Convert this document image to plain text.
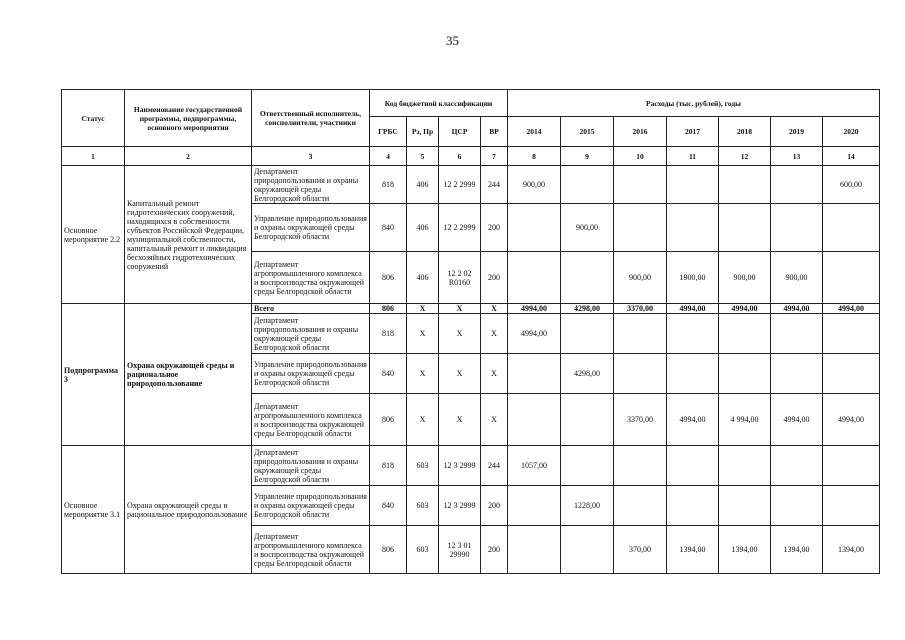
35
Статус	Наименование государственной программы, подпрограммы, основного мероприятия	Ответственный исполнитель, соисполнители, участники	Код бюджетной классификации				Расходы (тыс. рублей), годы						
			ГРБС	Рз, Пр	ЦСР	ВР	2014	2015	2016	2017	2018	2019	2020
1	2	3	4	5	6	7	8	9	10	11	12	13	14
Основное мероприятие 2.2	Капитальный ремонт гидротехнических сооружений, находящихся в собственности субъектов Российской Федерации, муниципальной собственности, капитальный ремонт и ликвидация бесхозяйных гидротехнических сооружений	Департамент природопользования и охраны окружающей среды Белгородской области	818	406	12 2 2999	244	900,00						600,00
		Управление природопользования и охраны окружающей среды Белгородской области	840	406	12 2 2999	200		900,00					
		Департамент агропромышленного комплекса и воспроизводства окружающей среды Белгородской области	806	406	12 2 02 R0160	200			900,00	1900,00	900,00	900,00	
Подпрограмма 3	Охрана окружающей среды и рациональное природопользование	Всего	806	Х	Х	Х	4994,00	4298,00	3370,00	4994,00	4994,00	4994,00	4994,00
		Департамент природопользования и охраны окружающей среды Белгородской области	818	Х	Х	Х	4994,00						
		Управление природопользования и охраны окружающей среды Белгородской области	840	Х	Х	Х		4298,00					
		Департамент агропромышленного комплекса и воспроизводства окружающей среды Белгородской области	806	Х	Х	Х			3370,00	4994,00	4 994,00	4994,00	4994,00
Основное мероприятие 3.1	Охрана окружающей среды и рациональное природопользование	Департамент природопользования и охраны окружающей среды Белгородской области	818	603	12 3 2999	244	1057,00						
		Управление природопользования и охраны окружающей среды Белгородской области	840	603	12 3 2999	200		1228,00					
		Департамент агропромышленного комплекса и воспроизводства окружающей среды Белгородской области	806	603	12 3 01 29990	200			370,00	1394,00	1394,00	1394,00	1394,00
